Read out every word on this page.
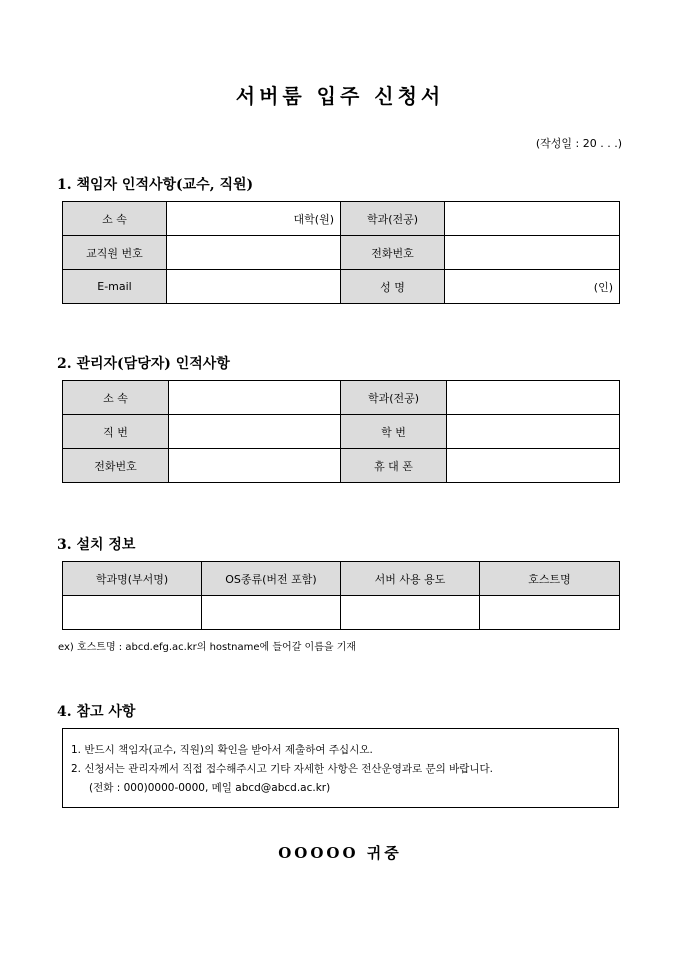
서버룸 입주 신청서
(작성일 : 20 . . .)
1. 책임자 인적사항(교수, 직원)
소 속	대학(원)	학과(전공)	
교직원 번호		전화번호	
E-mail		성 명	(인)
2. 관리자(담당자) 인적사항
소 속		학과(전공)	
직 번		학 번	
전화번호		휴 대 폰	
3. 설치 정보
학과명(부서명)	OS종류(버전 포함)	서버 사용 용도	호스트명

ex) 호스트명 : abcd.efg.ac.kr의 hostname에 들어갈 이름을 기재
4. 참고 사항
1. 반드시 책임자(교수, 직원)의 확인을 받아서 제출하여 주십시오.
2. 신청서는 관리자께서 직접 접수해주시고 기타 자세한 사항은 전산운영과로 문의 바랍니다.
(전화 : 000)0000-0000, 메일 abcd@abcd.ac.kr)
OOOOO 귀중
